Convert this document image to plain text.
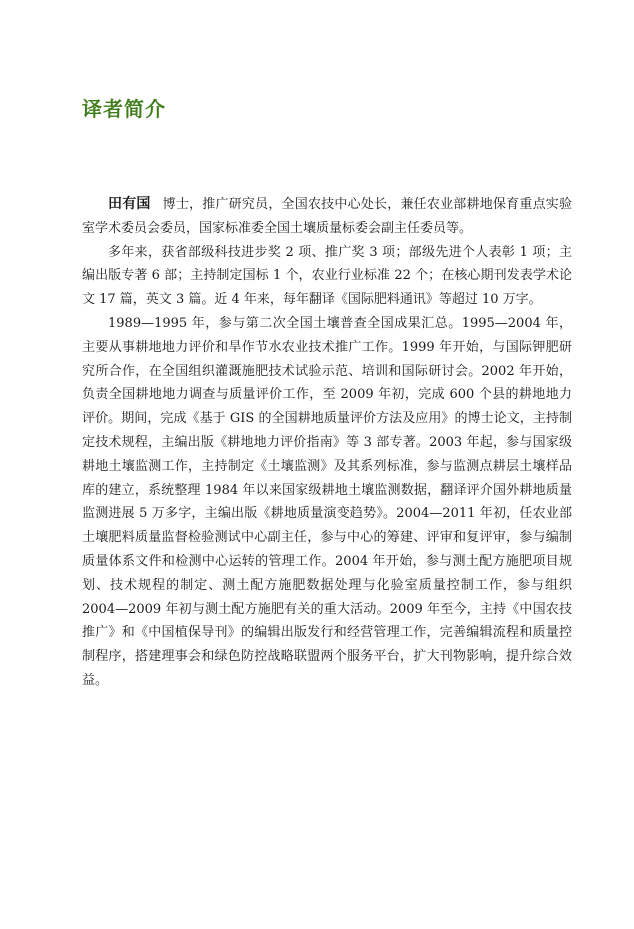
译者简介

田有国 博士，推广研究员，全国农技中心处长，兼任农业部耕地保育重点实验室学术委员会委员，国家标准委全国土壤质量标委会副主任委员等。

多年来，获省部级科技进步奖 2 项、推广奖 3 项；部级先进个人表彰 1 项；主编出版专著 6 部；主持制定国标 1 个，农业行业标准 22 个；在核心期刊发表学术论文 17 篇，英文 3 篇。近 4 年来，每年翻译《国际肥料通讯》等超过 10 万字。

1989—1995 年，参与第二次全国土壤普查全国成果汇总。1995—2004 年，主要从事耕地地力评价和旱作节水农业技术推广工作。1999 年开始，与国际钾肥研究所合作，在全国组织灌溉施肥技术试验示范、培训和国际研讨会。2002 年开始，负责全国耕地地力调查与质量评价工作，至 2009 年初，完成 600 个县的耕地地力评价。期间，完成《基于 GIS 的全国耕地质量评价方法及应用》的博士论文，主持制定技术规程，主编出版《耕地地力评价指南》等 3 部专著。2003 年起，参与国家级耕地土壤监测工作，主持制定《土壤监测》及其系列标准，参与监测点耕层土壤样品库的建立，系统整理 1984 年以来国家级耕地土壤监测数据，翻译评介国外耕地质量监测进展 5 万多字，主编出版《耕地质量演变趋势》。2004—2011 年初，任农业部土壤肥料质量监督检验测试中心副主任，参与中心的筹建、评审和复评审，参与编制质量体系文件和检测中心运转的管理工作。2004 年开始，参与测土配方施肥项目规划、技术规程的制定、测土配方施肥数据处理与化验室质量控制工作，参与组织 2004—2009 年初与测土配方施肥有关的重大活动。2009 年至今，主持《中国农技推广》和《中国植保导刊》的编辑出版发行和经营管理工作，完善编辑流程和质量控制程序，搭建理事会和绿色防控战略联盟两个服务平台，扩大刊物影响，提升综合效益。
